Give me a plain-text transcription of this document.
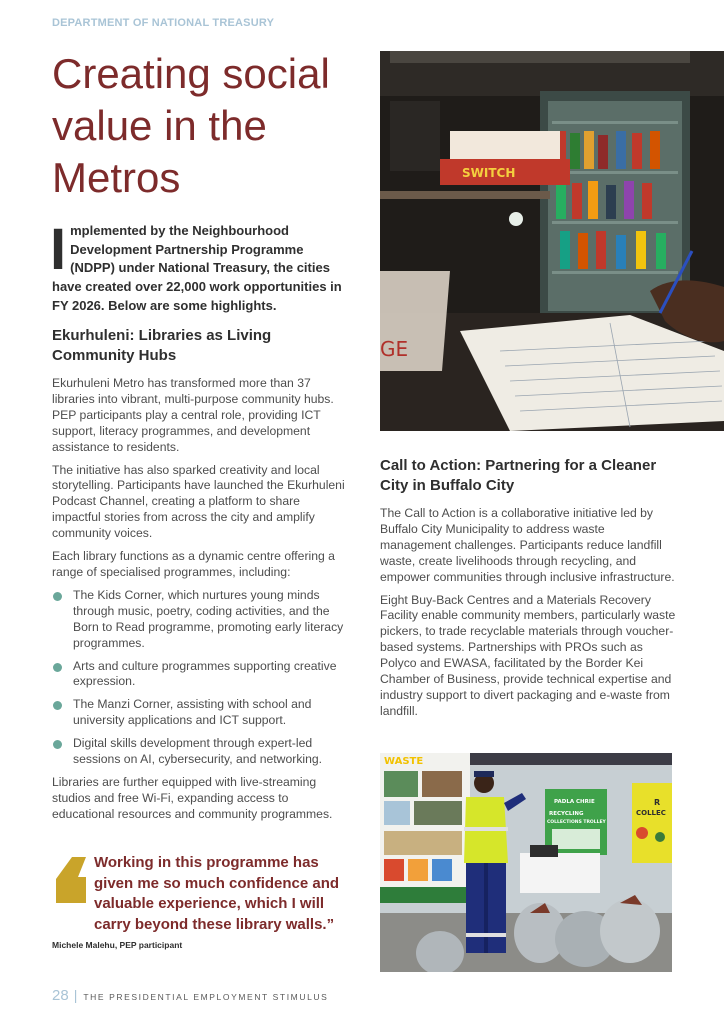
DEPARTMENT OF NATIONAL TREASURY
Creating social value in the Metros

Implemented by the Neighbourhood Development Partnership Programme (NDPP) under National Treasury, the cities have created over 22,000 work opportunities in FY 2026. Below are some highlights.

Ekurhuleni: Libraries as Living Community Hubs

Ekurhuleni Metro has transformed more than 37 libraries into vibrant, multi-purpose community hubs. PEP participants play a central role, providing ICT support, literacy programmes, and development assistance to residents.

The initiative has also sparked creativity and local storytelling. Participants have launched the Ekurhuleni Podcast Channel, creating a platform to share impactful stories from across the city and amplify community voices.

Each library functions as a dynamic centre offering a range of specialised programmes, including:

The Kids Corner, which nurtures young minds through music, poetry, coding activities, and the Born to Read programme, promoting early literacy programmes.
Arts and culture programmes supporting creative expression.
The Manzi Corner, assisting with school and university applications and ICT support.
Digital skills development through expert-led sessions on AI, cybersecurity, and networking.

Libraries are further equipped with live-streaming studios and free Wi-Fi, expanding access to educational resources and community programmes.

Working in this programme has given me so much confidence and valuable experience, which I will carry beyond these library walls.”

Michele Malehu, PEP participant
SWITCH
GE
Call to Action: Partnering for a Cleaner City in Buffalo City

The Call to Action is a collaborative initiative led by Buffalo City Municipality to address waste management challenges. Participants reduce landfill waste, create livelihoods through recycling, and empower communities through inclusive infrastructure.

Eight Buy-Back Centres and a Materials Recovery Facility enable community members, particularly waste pickers, to trade recyclable materials through voucher-based systems. Partnerships with PROs such as Polyco and EWASA, facilitated by the Border Kei Chamber of Business, provide technical expertise and industry support to divert packaging and e-waste from landfill.

WASTE
PADLA CHRIE
RECYCLING
COLLECTIONS TROLLEY
R
COLLEC
28 | THE PRESIDENTIAL EMPLOYMENT STIMULUS
